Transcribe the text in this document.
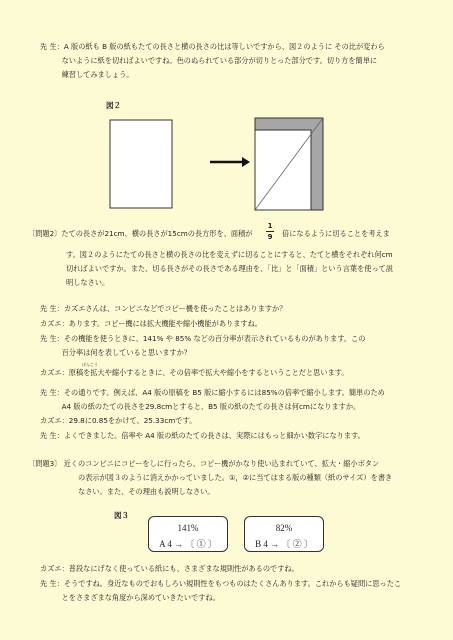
先 生：A 版の紙も B 版の紙もたての長さと横の長さの比は等しいですから、図２のように その比が変わら
　　　ないように紙を切ればよいですね。色のぬられている部分が切りとった部分です。切り方を簡単に
　　　練習してみましょう。
図２
〔問題2〕たての長さが21cm、横の長さが15cmの長方形を、面積が
1
9 倍になるように切ることを考えま
す。図２のようにたての長さと横の長さの比を変えずに切ることにすると、たてと横をそれぞれ何cm
切ればよいですか。また、切る長さがその長さである理由を、「比」と「面積」という言葉を使って説
明しなさい。
先 生：カズエさんは、コンビニなどでコピー機を使ったことはありますか？
カズエ：あります。コピー機には拡大機能や縮小機能がありますね。
先 生：その機能を使うときに、141% や 85% などの百分率が表示されているものがあります。この
　　　百分率は何を表していると思いますか？
げんこう
カズエ：原稿を拡大や縮小するときに、その倍率で拡大や縮小をするということだと思います。
先 生：その通りです。例えば、A4 版の原稿を B5 版に縮小するには85%の倍率で縮小します。簡単のため
　　　A4 版の紙のたての長さを29.8cmとすると、B5 版の紙のたての長さは何cmになりますか。
カズエ：29.8に0.85をかけて、25.33cmです。
先 生：よくできました。倍率や A4 版の紙のたての長さは、実際にはもっと細かい数字になります。
〔問題3〕 近くのコンビニにコピーをしに行ったら、コピー機がかなり使い込まれていて、拡大・縮小ボタン
の表示が図３のように消えかかっていました。①，②に当てはまる版の種類（紙のサイズ）を書き
なさい。また、その理由も説明しなさい。
図３
141%
A 4 → 〔 ① 〕
82%
B 4 → 〔 ② 〕
カズエ：普段なにげなく使っている紙にも、さまざまな規則性があるのですね。
先 生：そうですね。身近なものでおもしろい規則性をもつものはたくさんあります。これからも疑問に思ったこ
　　　とをさまざまな角度から深めていきたいですね。
